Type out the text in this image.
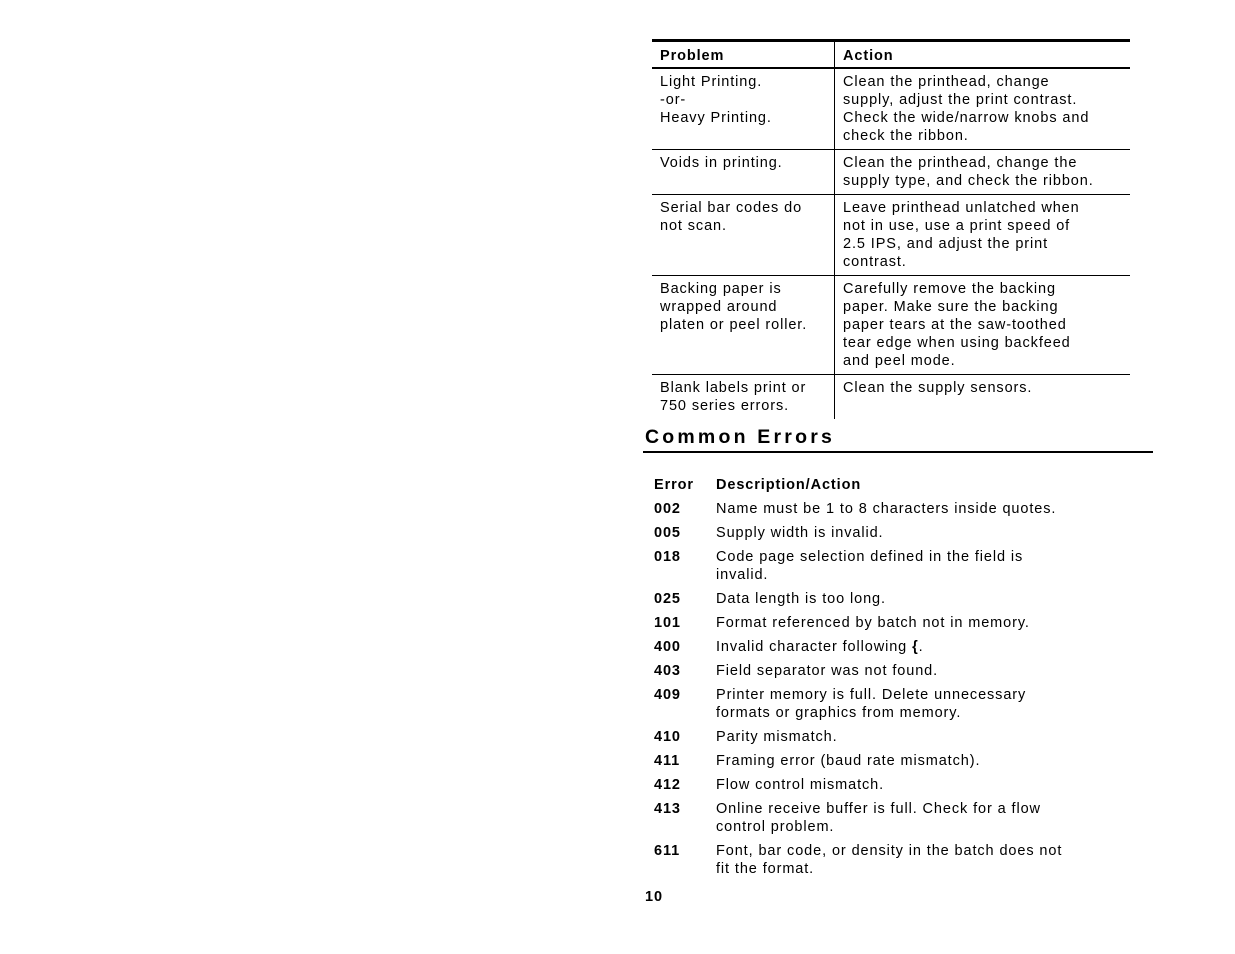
Problem	Action
Light Printing.
-or-
Heavy Printing.	Clean the printhead, change
supply, adjust the print contrast.
Check the wide/narrow knobs and
check the ribbon.
Voids in printing.	Clean the printhead, change the
supply type, and check the ribbon.
Serial bar codes do
not scan.	Leave printhead unlatched when
not in use, use a print speed of
2.5 IPS, and adjust the print
contrast.
Backing paper is
wrapped around
platen or peel roller.	Carefully remove the backing
paper. Make sure the backing
paper tears at the saw-toothed
tear edge when using backfeed
and peel mode.
Blank labels print or
750 series errors.	Clean the supply sensors.
Common Errors
Error	Description/Action
002	Name must be 1 to 8 characters inside quotes.
005	Supply width is invalid.
018	Code page selection defined in the field is
invalid.
025	Data length is too long.
101	Format referenced by batch not in memory.
400	Invalid character following {.
403	Field separator was not found.
409	Printer memory is full. Delete unnecessary
formats or graphics from memory.
410	Parity mismatch.
411	Framing error (baud rate mismatch).
412	Flow control mismatch.
413	Online receive buffer is full. Check for a flow
control problem.
611	Font, bar code, or density in the batch does not
fit the format.
10
